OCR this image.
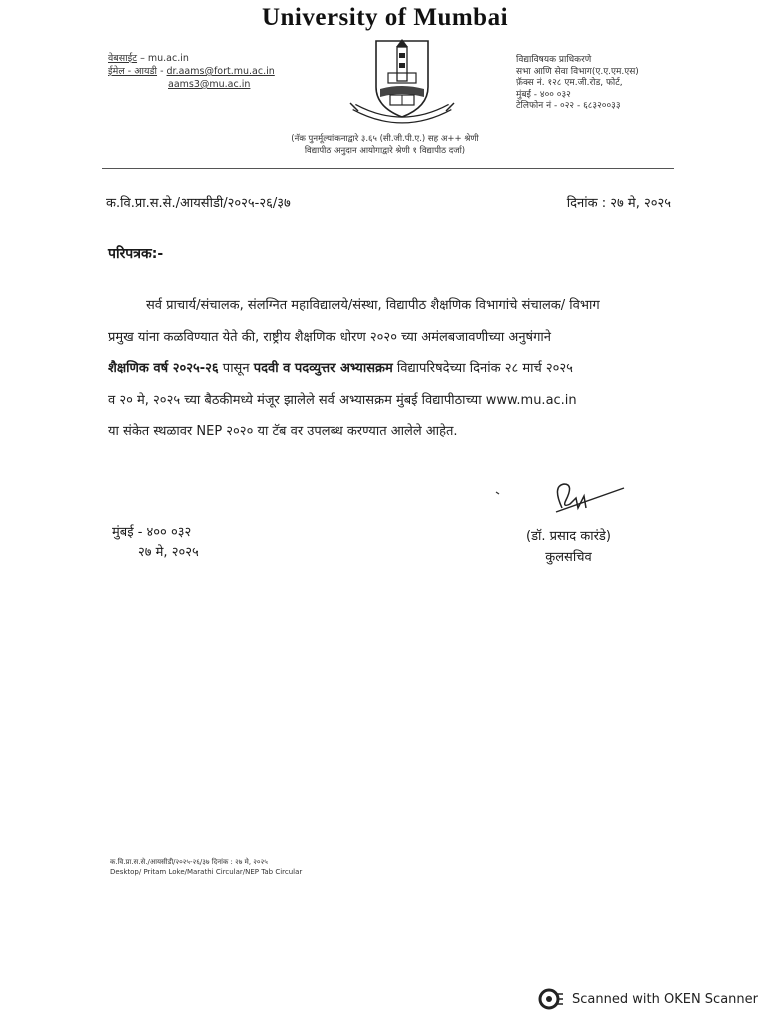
University of Mumbai
वेबसाईट – mu.ac.in
ईमेल - आयडी - dr.aams@fort.mu.ac.in
aams3@mu.ac.in
विद्याविषयक प्राधिकरणे
सभा आणि सेवा विभाग(ए.ए.एम.एस)
फ़ॅक्स नं. १२८ एम.जी.रोड, फोर्ट,
मुंबई - ४०० ०३२
टेलिफोन नं - ०२२ - ६८३२००३३
(नॅक पुनर्मूल्यांकनाद्वारे ३.६५ (सी.जी.पी.ए.) सह अ++ श्रेणी
विद्यापीठ अनुदान आयोगाद्वारे श्रेणी १ विद्यापीठ दर्जा)
क.वि.प्रा.स.से./आयसीडी/२०२५-२६/३७	दिनांक : २७ मे, २०२५
परिपत्रक:-
सर्व प्राचार्य/संचालक, संलग्नित महाविद्यालये/संस्था, विद्यापीठ शैक्षणिक विभागांचे संचालक/ विभाग
प्रमुख यांना कळविण्यात येते की, राष्ट्रीय शैक्षणिक धोरण २०२० च्या अमंलबजावणीच्या अनुषंगाने
शैक्षणिक वर्ष २०२५-२६ पासून पदवी व पदव्युत्तर अभ्यासक्रम विद्यापरिषदेच्या दिनांक २८ मार्च २०२५
व २० मे, २०२५ च्या बैठकीमध्ये मंजूर झालेले सर्व अभ्यासक्रम मुंबई विद्यापीठाच्या www.mu.ac.in
या संकेत स्थळावर NEP २०२० या टॅब वर उपलब्ध करण्यात आलेले आहेत.
मुंबई - ४०० ०३२
२७ मे, २०२५
(डॉ. प्रसाद कारंडे)
कुलसचिव
क.वि.प्रा.स.से./आयसीडी/२०२५-२६/३७ दिनांक : २७ मे, २०२५
Desktop/ Pritam Loke/Marathi Circular/NEP Tab Circular
Scanned with OKEN Scanner
